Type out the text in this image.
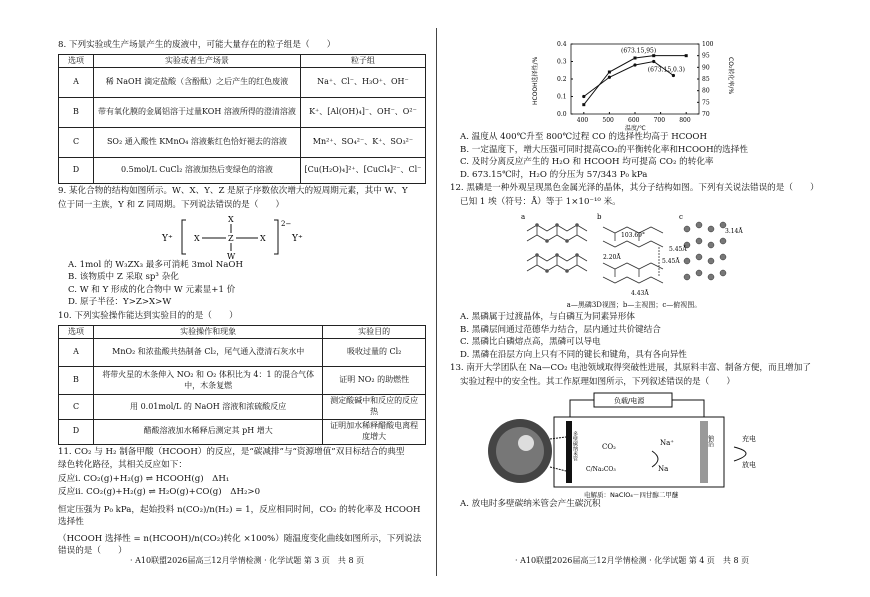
8. 下列实验或生产场景产生的废液中，可能大量存在的粒子组是（　　）

选项	实验或者生产场景	粒子组
A	稀 NaOH 滴定盐酸（含酚酞）之后产生的红色废液	Na⁺、Cl⁻、H₃O⁺、OH⁻
B	带有氧化膜的金属铝溶于过量KOH 溶液所得的澄清溶液	K⁺、[Al(OH)₄]⁻、OH⁻、O²⁻
C	SO₂ 通入酸性 KMnO₄ 溶液紫红色恰好褪去的溶液	Mn²⁺、SO₄²⁻、K⁺、SO₃²⁻
D	0.5mol/L CuCl₂ 溶液加热后变绿色的溶液	[Cu(H₂O)₄]²⁺、[CuCl₄]²⁻、Cl⁻

9. 某化合物的结构如图所示。W、X、Y、Z 是原子序数依次增大的短周期元素，其中 W、Y

位于同一主族，Y 和 Z 同周期。下列说法错误的是（　　）

Y⁺
X
X	Z	X
W
2−
Y⁺

A. 1mol 的 W₃ZX₃ 最多可消耗 3mol NaOH

B. 该物质中 Z 采取 sp³ 杂化

C. W 和 Y 形成的化合物中 W 元素显+1 价

D. 原子半径：Y>Z>X>W

10. 下列实验操作能达到实验目的的是（　　）

选项	实验操作和现象	实验目的
A	MnO₂ 和浓盐酸共热制备 Cl₂，尾气通入澄清石灰水中	吸收过量的 Cl₂
B	将带火星的木条伸入 NO₂ 和 O₂ 体积比为 4：1 的混合气体中，木条复燃	证明 NO₂ 的助燃性
C	用 0.01mol/L 的 NaOH 溶液和浓硫酸反应	测定酸碱中和反应的反应热
D	醋酸溶液加水稀释后测定其 pH 增大	证明加水稀释醋酸电离程度增大

11. CO₂ 与 H₂ 制备甲酸（HCOOH）的反应，是“碳减排”与“资源增值”双目标结合的典型

绿色转化路径，其相关反应如下：

反应i. CO₂(g)+H₂(g) ⇌ HCOOH(g)　ΔH₁

反应ii. CO₂(g)+H₂(g) ⇌ H₂O(g)+CO(g)　ΔH₂>0

恒定压强为 P₀ kPa，起始投料 n(CO₂)/n(H₂) = 1，反应相同时间，CO₂ 的转化率及 HCOOH 选择性

（HCOOH 选择性 = n(HCOOH)/n(CO₂)转化 ×100%）随温度变化曲线如图所示，下列说法错误的是（　　）

400 500 600 700 800
0.0
0.1
0.2
0.3
0.4
70
75
80
85
90
95
100
(673.15,95)
(673.15,0.3)
温度/℃
HCOOH选择性/%	CO₂转化率/%

A. 温度从 400℃升至 800℃过程 CO 的选择性均高于 HCOOH

B. 一定温度下，增大压强可同时提高CO₂的平衡转化率和HCOOH的选择性

C. 及时分离反应产生的 H₂O 和 HCOOH 均可提高 CO₂ 的转化率

D. 673.15℃时，H₂O 的分压为 57/343 P₀ kPa

12. 黑磷是一种外观呈现黑色金属光泽的晶体，其分子结构如图。下列有关说法错误的是（　　）

已知 1 埃（符号：Å）等于 1×10⁻¹⁰ 米。

a	b	c
103.69°
2.20Å
5.45Å
4.43Å
3.14Å
5.45Å

a—黑磷3D视图；b—主视图；c—俯视图。

A. 黑磷属于过渡晶体，与白磷互为同素异形体

B. 黑磷层间通过范德华力结合，层内通过共价键结合

C. 黑磷比白磷熔点高，黑磷可以导电

D. 黑磷在沿层方向上只有不同的键长和键角，具有各向异性

13. 南开大学团队在 Na—CO₂ 电池领域取得突破性进展，其原料丰富、制备方便，而且增加了

实验过程中的安全性。其工作原理如图所示，下列叙述错误的是（　　）

负载/电源
多壁碳纳米管	钠箔
CO₂
C/Na₂CO₃
Na⁺
Na
充电
放电
电解质：NaClO₄－四甘醇二甲醚

A. 放电时多壁碳纳米管会产生碳沉积

· A10联盟2026届高三12月学情检测 · 化学试题 第 3 页　共 8 页	· A10联盟2026届高三12月学情检测 · 化学试题 第 4 页　共 8 页
